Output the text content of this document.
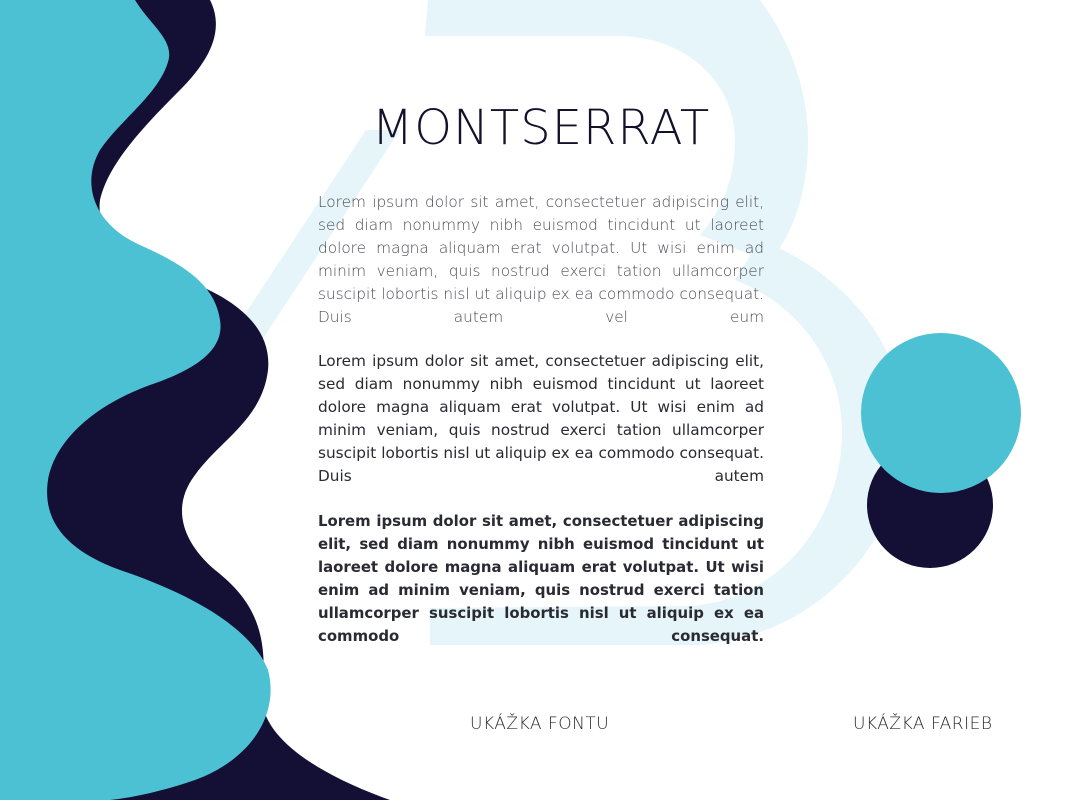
MONTSERRAT

Lorem ipsum dolor sit amet, consectetuer adipiscing elit, sed diam nonummy nibh euismod tincidunt ut laoreet dolore magna aliquam erat volutpat. Ut wisi enim ad minim veniam, quis nostrud exerci tation ullamcorper suscipit lobortis nisl ut aliquip ex ea commodo consequat. Duis autem vel eum

Lorem ipsum dolor sit amet, consectetuer adipiscing elit, sed diam nonummy nibh euismod tincidunt ut laoreet dolore magna aliquam erat volutpat. Ut wisi enim ad minim veniam, quis nostrud exerci tation ullamcorper suscipit lobortis nisl ut aliquip ex ea commodo consequat. Duis autem

Lorem ipsum dolor sit amet, consectetuer adipiscing elit, sed diam nonummy nibh euismod tincidunt ut laoreet dolore magna aliquam erat volutpat. Ut wisi enim ad minim veniam, quis nostrud exerci tation ullamcorper suscipit lobortis nisl ut aliquip ex ea commodo consequat.

UKÁŽKA FONTU	UKÁŽKA FARIEB
